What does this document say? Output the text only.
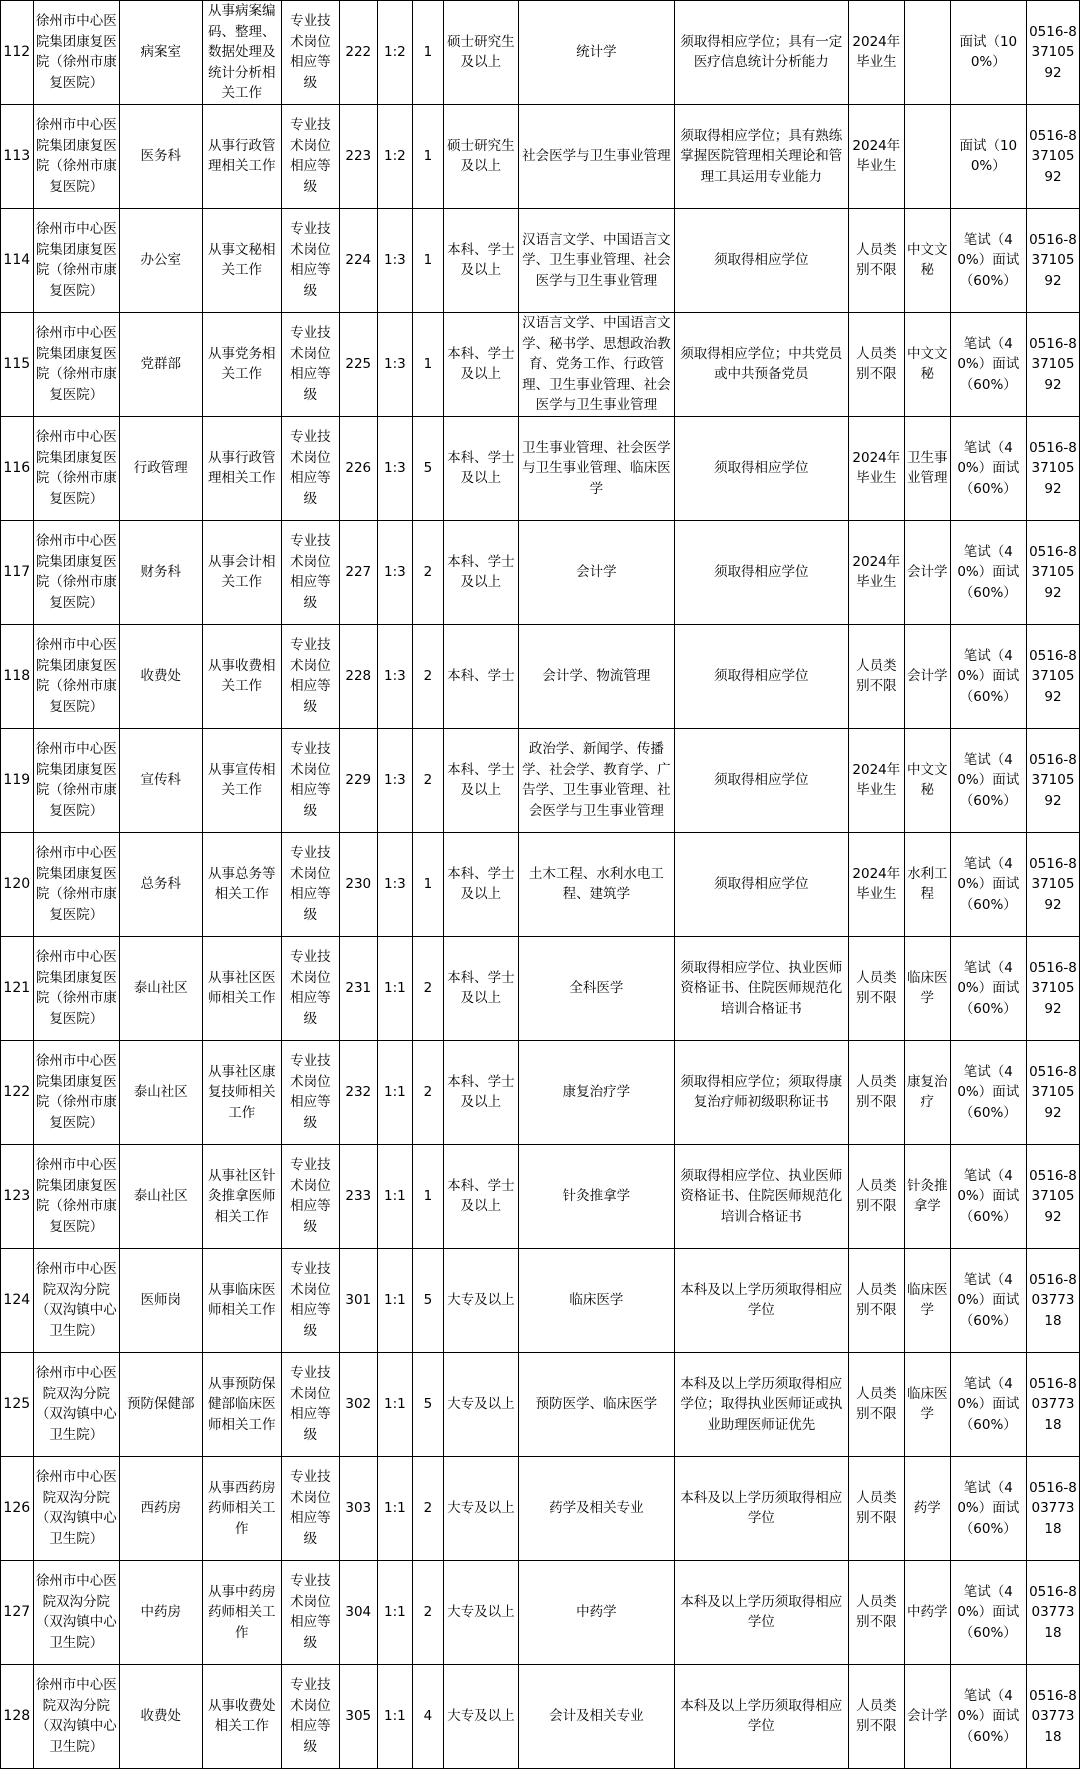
112	徐州市中心医院集团康复医院（徐州市康复医院）	病案室	从事病案编码、整理、数据处理及统计分析相关工作	专业技术岗位相应等级	222	1:2	1	硕士研究生及以上	统计学	须取得相应学位；具有一定医疗信息统计分析能力	2024年毕业生		面试（100%）	0516-83710592
113	徐州市中心医院集团康复医院（徐州市康复医院）	医务科	从事行政管理相关工作	专业技术岗位相应等级	223	1:2	1	硕士研究生及以上	社会医学与卫生事业管理	须取得相应学位；具有熟练掌握医院管理相关理论和管理工具运用专业能力	2024年毕业生		面试（100%）	0516-83710592
114	徐州市中心医院集团康复医院（徐州市康复医院）	办公室	从事文秘相关工作	专业技术岗位相应等级	224	1:3	1	本科、学士及以上	汉语言文学、中国语言文学、卫生事业管理、社会医学与卫生事业管理	须取得相应学位	人员类别不限	中文文秘	笔试（40%）面试（60%）	0516-83710592
115	徐州市中心医院集团康复医院（徐州市康复医院）	党群部	从事党务相关工作	专业技术岗位相应等级	225	1:3	1	本科、学士及以上	汉语言文学、中国语言文学、秘书学、思想政治教育、党务工作、行政管理、卫生事业管理、社会医学与卫生事业管理	须取得相应学位；中共党员或中共预备党员	人员类别不限	中文文秘	笔试（40%）面试（60%）	0516-83710592
116	徐州市中心医院集团康复医院（徐州市康复医院）	行政管理	从事行政管理相关工作	专业技术岗位相应等级	226	1:3	5	本科、学士及以上	卫生事业管理、社会医学与卫生事业管理、临床医学	须取得相应学位	2024年毕业生	卫生事业管理	笔试（40%）面试（60%）	0516-83710592
117	徐州市中心医院集团康复医院（徐州市康复医院）	财务科	从事会计相关工作	专业技术岗位相应等级	227	1:3	2	本科、学士及以上	会计学	须取得相应学位	2024年毕业生	会计学	笔试（40%）面试（60%）	0516-83710592
118	徐州市中心医院集团康复医院（徐州市康复医院）	收费处	从事收费相关工作	专业技术岗位相应等级	228	1:3	2	本科、学士	会计学、物流管理	须取得相应学位	人员类别不限	会计学	笔试（40%）面试（60%）	0516-83710592
119	徐州市中心医院集团康复医院（徐州市康复医院）	宣传科	从事宣传相关工作	专业技术岗位相应等级	229	1:3	2	本科、学士及以上	政治学、新闻学、传播学、社会学、教育学、广告学、卫生事业管理、社会医学与卫生事业管理	须取得相应学位	2024年毕业生	中文文秘	笔试（40%）面试（60%）	0516-83710592
120	徐州市中心医院集团康复医院（徐州市康复医院）	总务科	从事总务等相关工作	专业技术岗位相应等级	230	1:3	1	本科、学士及以上	土木工程、水利水电工程、建筑学	须取得相应学位	2024年毕业生	水利工程	笔试（40%）面试（60%）	0516-83710592
121	徐州市中心医院集团康复医院（徐州市康复医院）	泰山社区	从事社区医师相关工作	专业技术岗位相应等级	231	1:1	2	本科、学士及以上	全科医学	须取得相应学位、执业医师资格证书、住院医师规范化培训合格证书	人员类别不限	临床医学	笔试（40%）面试（60%）	0516-83710592
122	徐州市中心医院集团康复医院（徐州市康复医院）	泰山社区	从事社区康复技师相关工作	专业技术岗位相应等级	232	1:1	2	本科、学士及以上	康复治疗学	须取得相应学位；须取得康复治疗师初级职称证书	人员类别不限	康复治疗	笔试（40%）面试（60%）	0516-83710592
123	徐州市中心医院集团康复医院（徐州市康复医院）	泰山社区	从事社区针灸推拿医师相关工作	专业技术岗位相应等级	233	1:1	1	本科、学士及以上	针灸推拿学	须取得相应学位、执业医师资格证书、住院医师规范化培训合格证书	人员类别不限	针灸推拿学	笔试（40%）面试（60%）	0516-83710592
124	徐州市中心医院双沟分院（双沟镇中心卫生院）	医师岗	从事临床医师相关工作	专业技术岗位相应等级	301	1:1	5	大专及以上	临床医学	本科及以上学历须取得相应学位	人员类别不限	临床医学	笔试（40%）面试（60%）	0516-80377318
125	徐州市中心医院双沟分院（双沟镇中心卫生院）	预防保健部	从事预防保健部临床医师相关工作	专业技术岗位相应等级	302	1:1	5	大专及以上	预防医学、临床医学	本科及以上学历须取得相应学位；取得执业医师证或执业助理医师证优先	人员类别不限	临床医学	笔试（40%）面试（60%）	0516-80377318
126	徐州市中心医院双沟分院（双沟镇中心卫生院）	西药房	从事西药房药师相关工作	专业技术岗位相应等级	303	1:1	2	大专及以上	药学及相关专业	本科及以上学历须取得相应学位	人员类别不限	药学	笔试（40%）面试（60%）	0516-80377318
127	徐州市中心医院双沟分院（双沟镇中心卫生院）	中药房	从事中药房药师相关工作	专业技术岗位相应等级	304	1:1	2	大专及以上	中药学	本科及以上学历须取得相应学位	人员类别不限	中药学	笔试（40%）面试（60%）	0516-80377318
128	徐州市中心医院双沟分院（双沟镇中心卫生院）	收费处	从事收费处相关工作	专业技术岗位相应等级	305	1:1	4	大专及以上	会计及相关专业	本科及以上学历须取得相应学位	人员类别不限	会计学	笔试（40%）面试（60%）	0516-80377318
